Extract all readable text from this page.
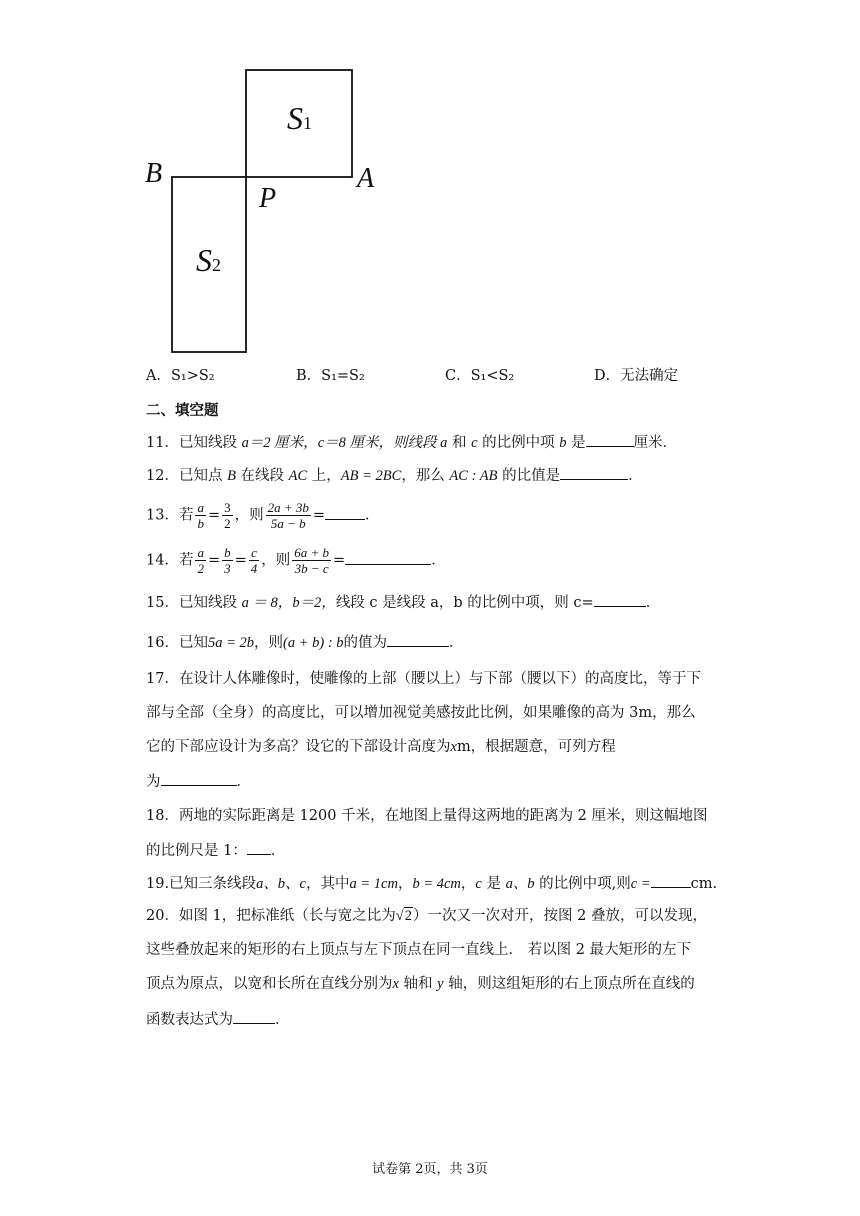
S1
S2
B	A
P
A．S₁>S₂	B．S₁=S₂	C．S₁<S₂	D．无法确定
二、填空题
11．已知线段 a＝2 厘米，c＝8 厘米，则线段 a 和 c 的比例中项 b 是	厘米．
12．已知点 B 在线段 AC 上，AB = 2BC，那么 AC : AB 的比值是	．
13．若 $\frac{a}{b} = \frac{3}{2}$ ，则 $\frac{2a + 3b}{5a - b}$ =	．
14．若 $\frac{a}{2} = \frac{b}{3} = \frac{c}{4}$ ，则 $\frac{6a + b}{3b - c}$ =	．
15．已知线段 a ＝ 8，b＝2，线段 c 是线段 a，b 的比例中项，则 c=	．
16．已知5a = 2b，则(a + b) : b的值为	．
17．在设计人体雕像时，使雕像的上部（腰以上）与下部（腰以下）的高度比，等于下
部与全部（全身）的高度比，可以增加视觉美感按此比例，如果雕像的高为 3m，那么
它的下部应设计为多高？设它的下部设计高度为xm，根据题意，可列方程
为	．
18．两地的实际距离是 1200 千米，在地图上量得这两地的距离为 2 厘米，则这幅地图
的比例尺是 1： ．
19.已知三条线段a、b、c，其中a = 1cm，b = 4cm，c 是 a、b 的比例中项,则c =	cm.
20．如图 1，把标准纸（长与宽之比为√2）一次又一次对开，按图 2 叠放，可以发现，
这些叠放起来的矩形的右上顶点与左下顶点在同一直线上． 若以图 2 最大矩形的左下
顶点为原点，以宽和长所在直线分别为x 轴和 y 轴，则这组矩形的右上顶点所在直线的
函数表达式为	．
试卷第 2页，共 3页
